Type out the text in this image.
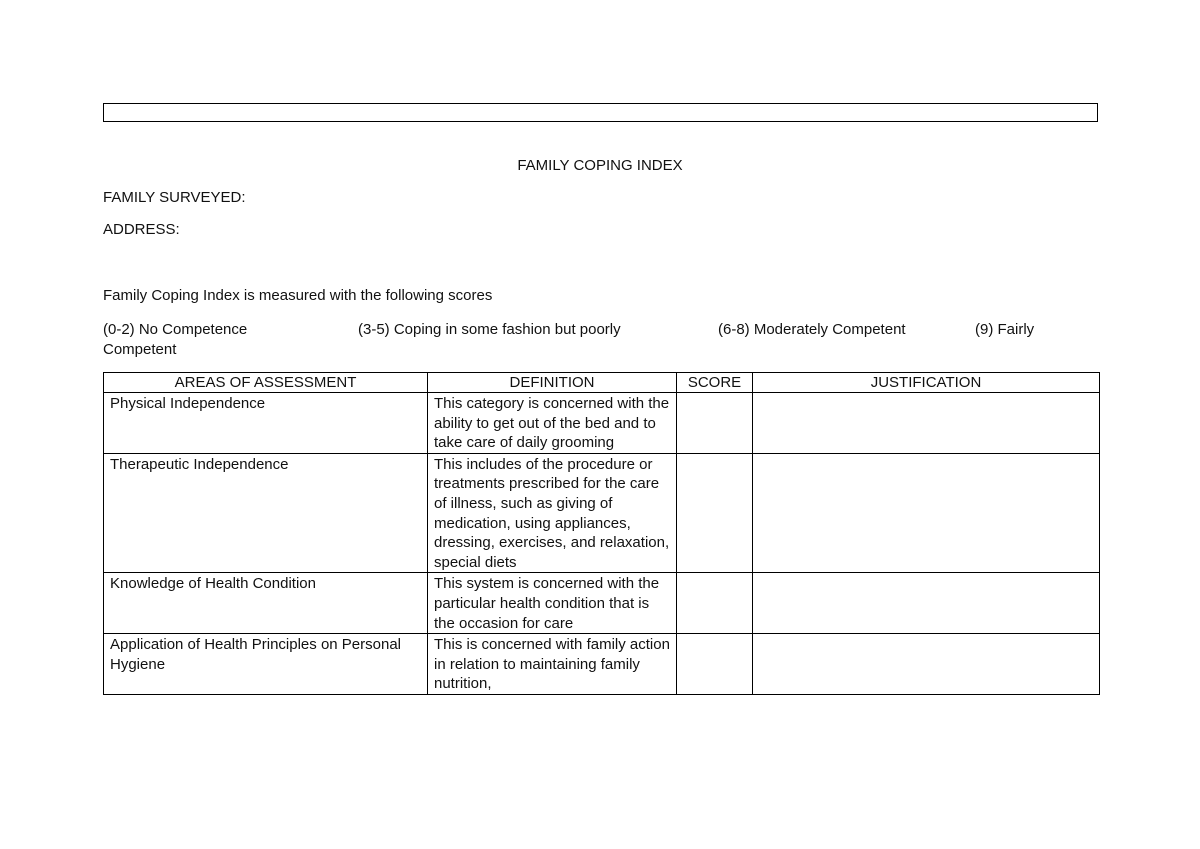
FAMILY COPING INDEX
FAMILY SURVEYED:
ADDRESS:
Family Coping Index is measured with the following scores
(0-2) No Competence	(3-5) Coping in some fashion but poorly	(6-8) Moderately Competent	(9) Fairly
Competent
AREAS OF ASSESSMENT	DEFINITION	SCORE	JUSTIFICATION
Physical Independence	This category is concerned with the ability to get out of the bed and to take care of daily grooming		
Therapeutic Independence	This includes of the procedure or treatments prescribed for the care of illness, such as giving of medication, using appliances, dressing, exercises, and relaxation, special diets		
Knowledge of Health Condition	This system is concerned with the particular health condition that is the occasion for care		
Application of Health Principles on Personal Hygiene	This is concerned with family action in relation to maintaining family nutrition,		
